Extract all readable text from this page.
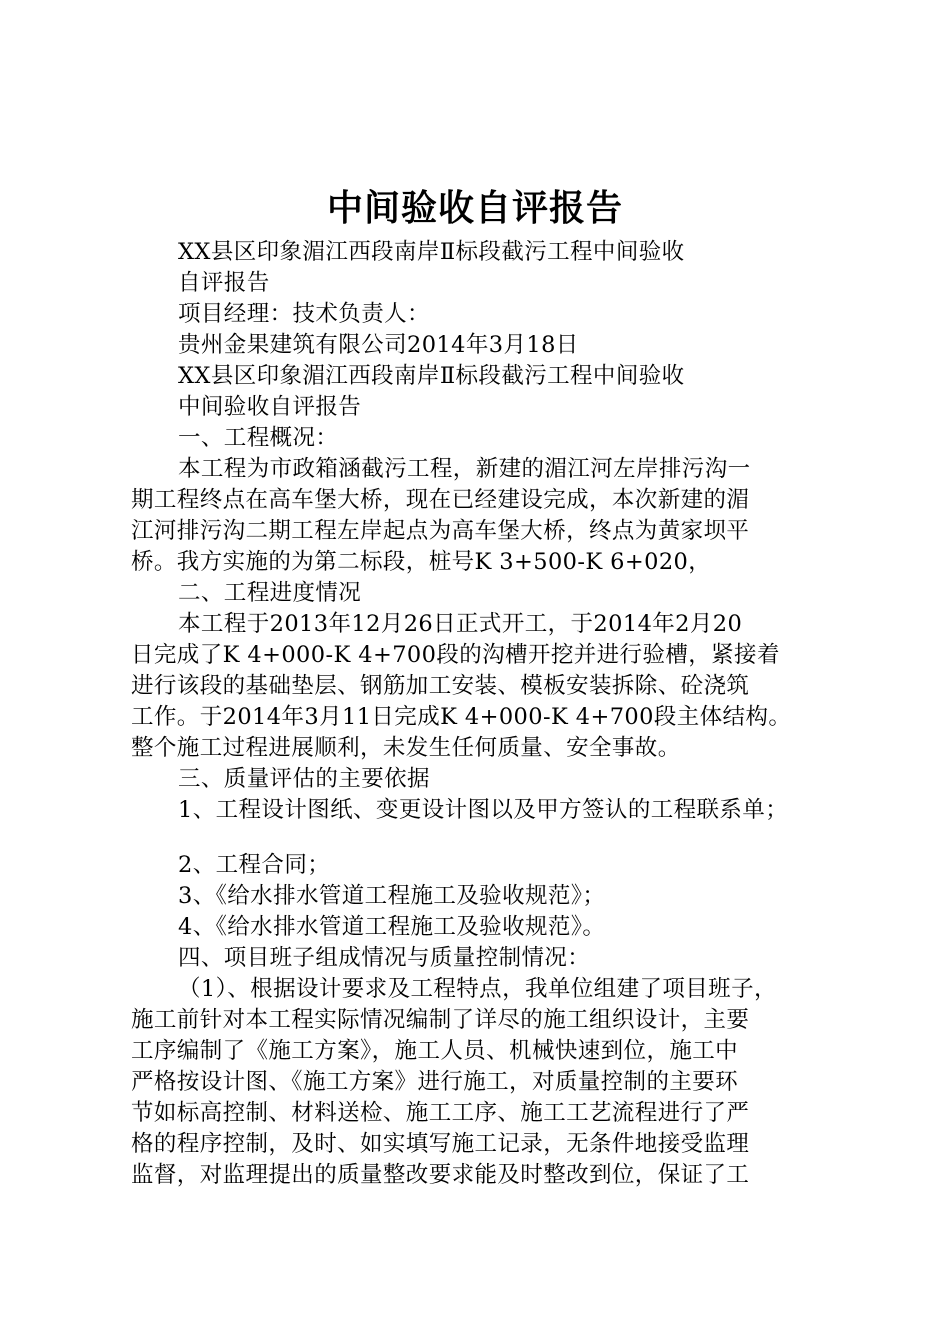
中间验收自评报告
XX县区印象湄江西段南岸Ⅱ标段截污工程中间验收
自评报告
项目经理：技术负责人：
贵州金果建筑有限公司2014年3月18日
XX县区印象湄江西段南岸Ⅱ标段截污工程中间验收
中间验收自评报告
一、工程概况：
本工程为市政箱涵截污工程，新建的湄江河左岸排污沟一
期工程终点在高车堡大桥，现在已经建设完成，本次新建的湄
江河排污沟二期工程左岸起点为高车堡大桥，终点为黄家坝平
桥。我方实施的为第二标段，桩号K 3+500-K 6+020，
二、工程进度情况
本工程于2013年12月26日正式开工，于2014年2月20
日完成了K 4+000-K 4+700段的沟槽开挖并进行验槽，紧接着
进行该段的基础垫层、钢筋加工安装、模板安装拆除、砼浇筑
工作。于2014年3月11日完成K 4+000-K 4+700段主体结构。
整个施工过程进展顺利，未发生任何质量、安全事故。
三、质量评估的主要依据
1、工程设计图纸、变更设计图以及甲方签认的工程联系单；
2、工程合同；
3、《给水排水管道工程施工及验收规范》；
4、《给水排水管道工程施工及验收规范》。
四、项目班子组成情况与质量控制情况：
（1）、根据设计要求及工程特点，我单位组建了项目班子，
施工前针对本工程实际情况编制了详尽的施工组织设计，主要
工序编制了《施工方案》，施工人员、机械快速到位，施工中
严格按设计图、《施工方案》进行施工，对质量控制的主要环
节如标高控制、材料送检、施工工序、施工工艺流程进行了严
格的程序控制，及时、如实填写施工记录，无条件地接受监理
监督，对监理提出的质量整改要求能及时整改到位，保证了工
